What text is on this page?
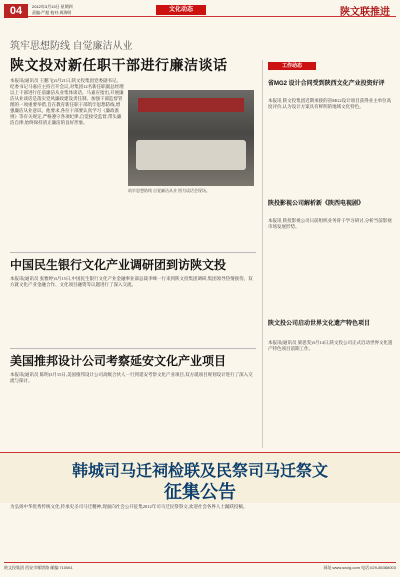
04	2012年3月13日 星期四
责编:严超 校对:周海明	文化动态	陕文联推进
筑牢思想防线 自觉廉洁从业
陕文投对新任职干部进行廉洁谈话
本报讯(通讯员 王鹏飞)3月21日,陕文投集团党委副书记、纪委书记马嘉应主持召开会议,对集团12名新任职副总经理以上干部进行任前廉洁从业集体谈话。马嘉应指出,开展廉洁从业谈话是落实党风廉政建设责任制、加强干部监督管理的一项重要举措,旨在教育新任职干部筑牢思想防线,增强廉洁从业意识。他要求,各位干部要认真学习《廉政准则》等有关规定,严格遵守各项纪律,自觉接受监督,带头廉洁自律,始终保持清正廉洁的良好形象。
筑牢思想防线 自觉廉洁从业 图为谈话会现场。
工作动态
省MG2 设计合同受到陕西文化产业投资好评
本报讯 陕文投集团近期承接的省MG2设计项目获得业主单位高度评价,认为设计方案具有鲜明的地域文化特色。
陕投影视公司解析新《陕西电视剧》
本报讯 陕投影视公司日前组织业务骨干学习研讨,分析当前影视市场发展形势。
陕文投公司启动世界文化遗产特色项目
本报讯(通讯员 梁思雯)3月14日,陕文投公司正式启动世界文化遗产特色项目前期工作。
中国民生银行文化产业调研团到访陕文投
本报讯(通讯员 张雅婷)3月15日,中国民生银行文化产业金融事业部总裁李峰一行来到陕文投集团调研,集团领导热情接待。双方就文化产业金融合作、文化项目融资等议题进行了深入交流。
美国推邦设计公司考察延安文化产业项目
本报讯(通讯员 陈明)3月15日,美国推邦设计公司高级合伙人一行到延安考察文化产业项目,双方就项目规划设计进行了深入交流与探讨。
韩城司马迁祠检联及民祭司马迁祭文
征集公告
为弘扬中华优秀传统文化,传承史圣司马迁精神,现面向社会公开征集2012年司马迁民祭祭文,欢迎社会各界人士踊跃投稿。
陕文投集团 西安市雁塔路 邮编:710061	网址:www.sxcig.com 电话:029-85368003
